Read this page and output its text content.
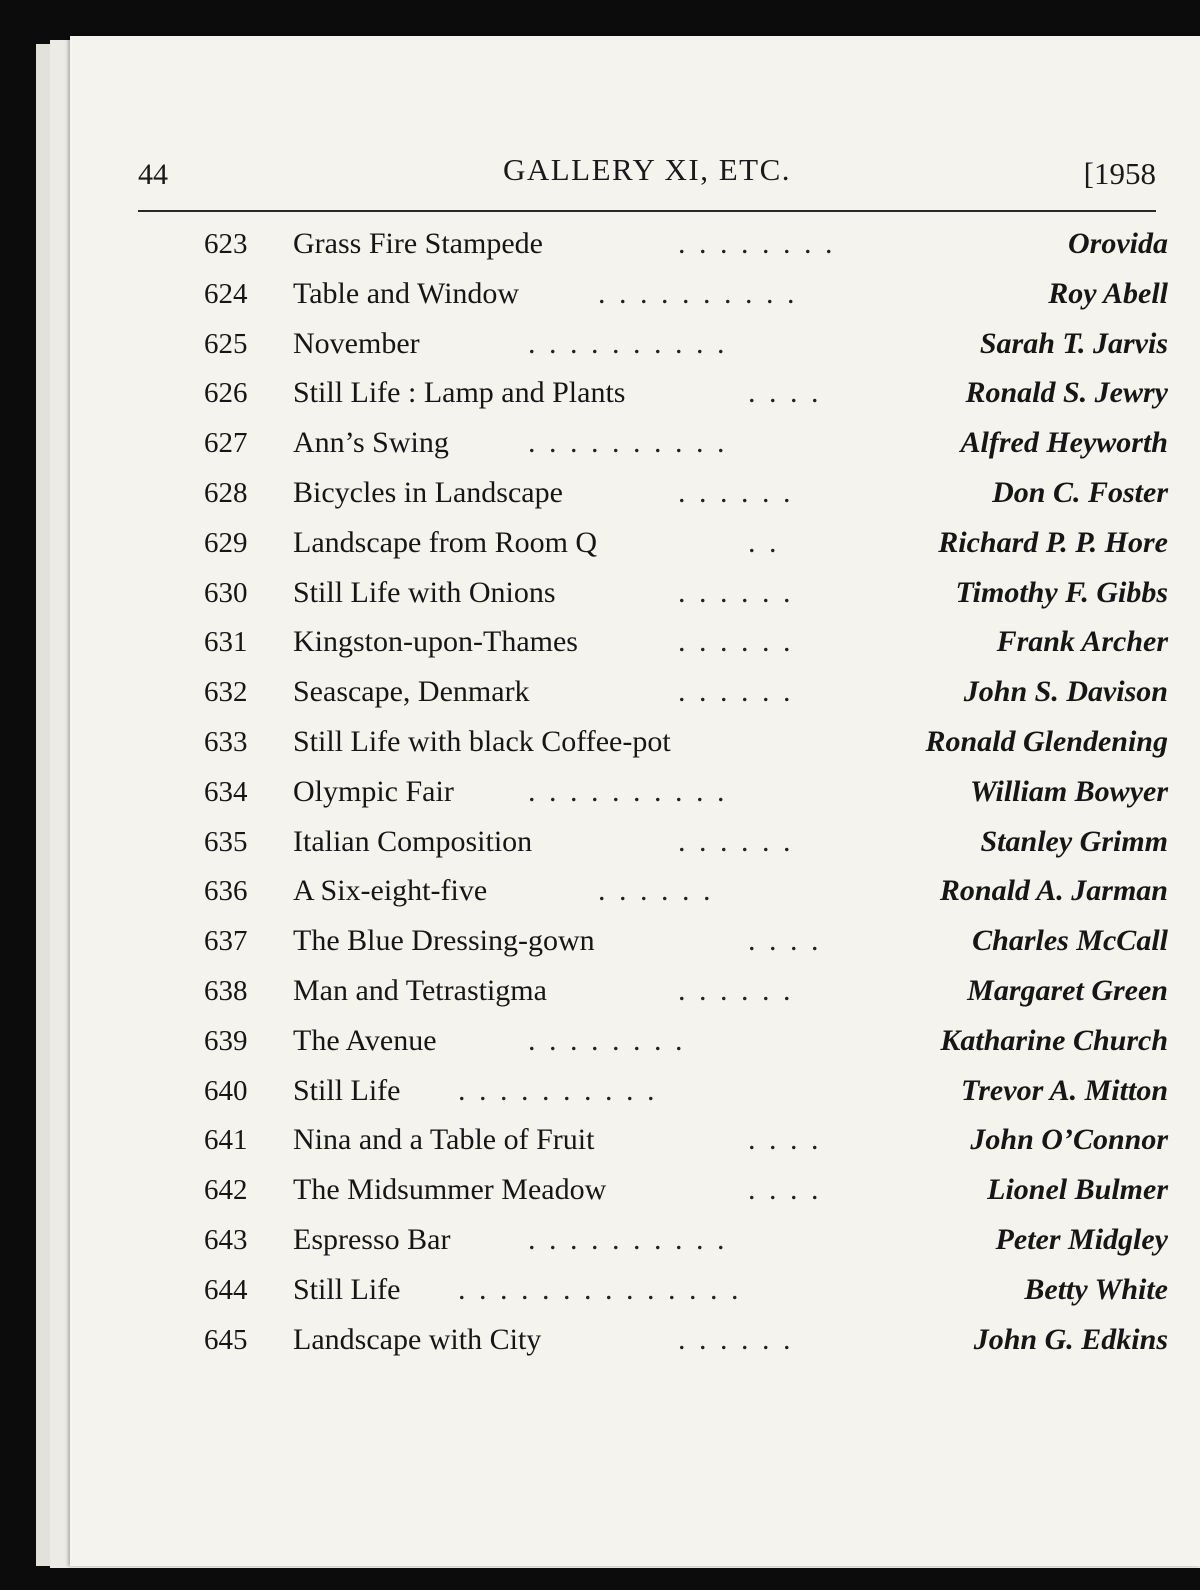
44	GALLERY XI, ETC.	[1958
623 Grass Fire Stampede	. . . . . . . .	Orovida
624 Table and Window	. . . . . . . . . .	Roy Abell
625 November	. . . . . . . . . .	Sarah T. Jarvis
626 Still Life : Lamp and Plants	. . . .	Ronald S. Jewry
627 Ann’s Swing	. . . . . . . . . .	Alfred Heyworth
628 Bicycles in Landscape	. . . . . .	Don C. Foster
629 Landscape from Room Q	. .	Richard P. P. Hore
630 Still Life with Onions	. . . . . .	Timothy F. Gibbs
631 Kingston-upon-Thames	. . . . . .	Frank Archer
632 Seascape, Denmark	. . . . . .	John S. Davison
633 Still Life with black Coffee-pot	Ronald Glendening
634 Olympic Fair . . . . . . . . . .	William Bowyer
635 Italian Composition	. . . . . .	Stanley Grimm
636 A Six-eight-five	. . . . . .	Ronald A. Jarman
637 The Blue Dressing-gown	. . . .	Charles McCall
638 Man and Tetrastigma	. . . . . .	Margaret Green
639 The Avenue	. . . . . . . .	Katharine Church
640 Still Life . . . . . . . . . .	Trevor A. Mitton
641 Nina and a Table of Fruit	. . . .	John O’Connor
642 The Midsummer Meadow	. . . .	Lionel Bulmer
643 Espresso Bar	. . . . . . . . . .	Peter Midgley
644 Still Life . . . . . . . . . . . . . .	Betty White
645 Landscape with City	. . . . . .	John G. Edkins
